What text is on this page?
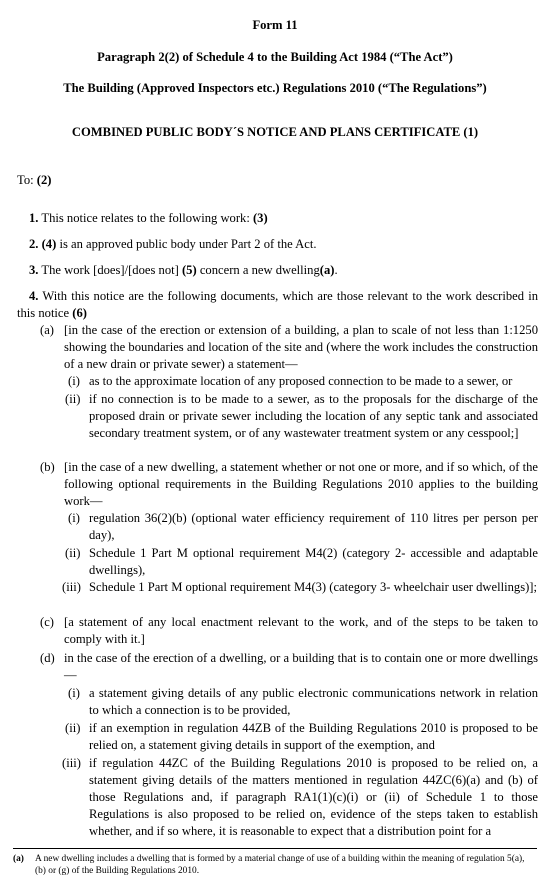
Form 11
Paragraph 2(2) of Schedule 4 to the Building Act 1984 (“The Act”)
The Building (Approved Inspectors etc.) Regulations 2010 (“The Regulations”)
COMBINED PUBLIC BODY´S NOTICE AND PLANS CERTIFICATE (1)
To: (2)
1. This notice relates to the following work: (3)
2. (4) is an approved public body under Part 2 of the Act.
3. The work [does]/[does not] (5) concern a new dwelling(a).
4. With this notice are the following documents, which are those relevant to the work described in this notice (6)
(a) [in the case of the erection or extension of a building, a plan to scale of not less than 1:1250 showing the boundaries and location of the site and (where the work includes the construction of a new drain or private sewer) a statement—
(i) as to the approximate location of any proposed connection to be made to a sewer, or
(ii) if no connection is to be made to a sewer, as to the proposals for the discharge of the proposed drain or private sewer including the location of any septic tank and associated secondary treatment system, or of any wastewater treatment system or any cesspool;]
(b) [in the case of a new dwelling, a statement whether or not one or more, and if so which, of the following optional requirements in the Building Regulations 2010 applies to the building work—
(i) regulation 36(2)(b) (optional water efficiency requirement of 110 litres per person per day),
(ii) Schedule 1 Part M optional requirement M4(2) (category 2- accessible and adaptable dwellings),
(iii) Schedule 1 Part M optional requirement M4(3) (category 3- wheelchair user dwellings)];
(c) [a statement of any local enactment relevant to the work, and of the steps to be taken to comply with it.]
(d) in the case of the erection of a dwelling, or a building that is to contain one or more dwellings—
(i) a statement giving details of any public electronic communications network in relation to which a connection is to be provided,
(ii) if an exemption in regulation 44ZB of the Building Regulations 2010 is proposed to be relied on, a statement giving details in support of the exemption, and
(iii) if regulation 44ZC of the Building Regulations 2010 is proposed to be relied on, a statement giving details of the matters mentioned in regulation 44ZC(6)(a) and (b) of those Regulations and, if paragraph RA1(1)(c)(i) or (ii) of Schedule 1 to those Regulations is also proposed to be relied on, evidence of the steps taken to establish whether, and if so where, it is reasonable to expect that a distribution point for a
(a) A new dwelling includes a dwelling that is formed by a material change of use of a building within the meaning of regulation 5(a), (b) or (g) of the Building Regulations 2010.
